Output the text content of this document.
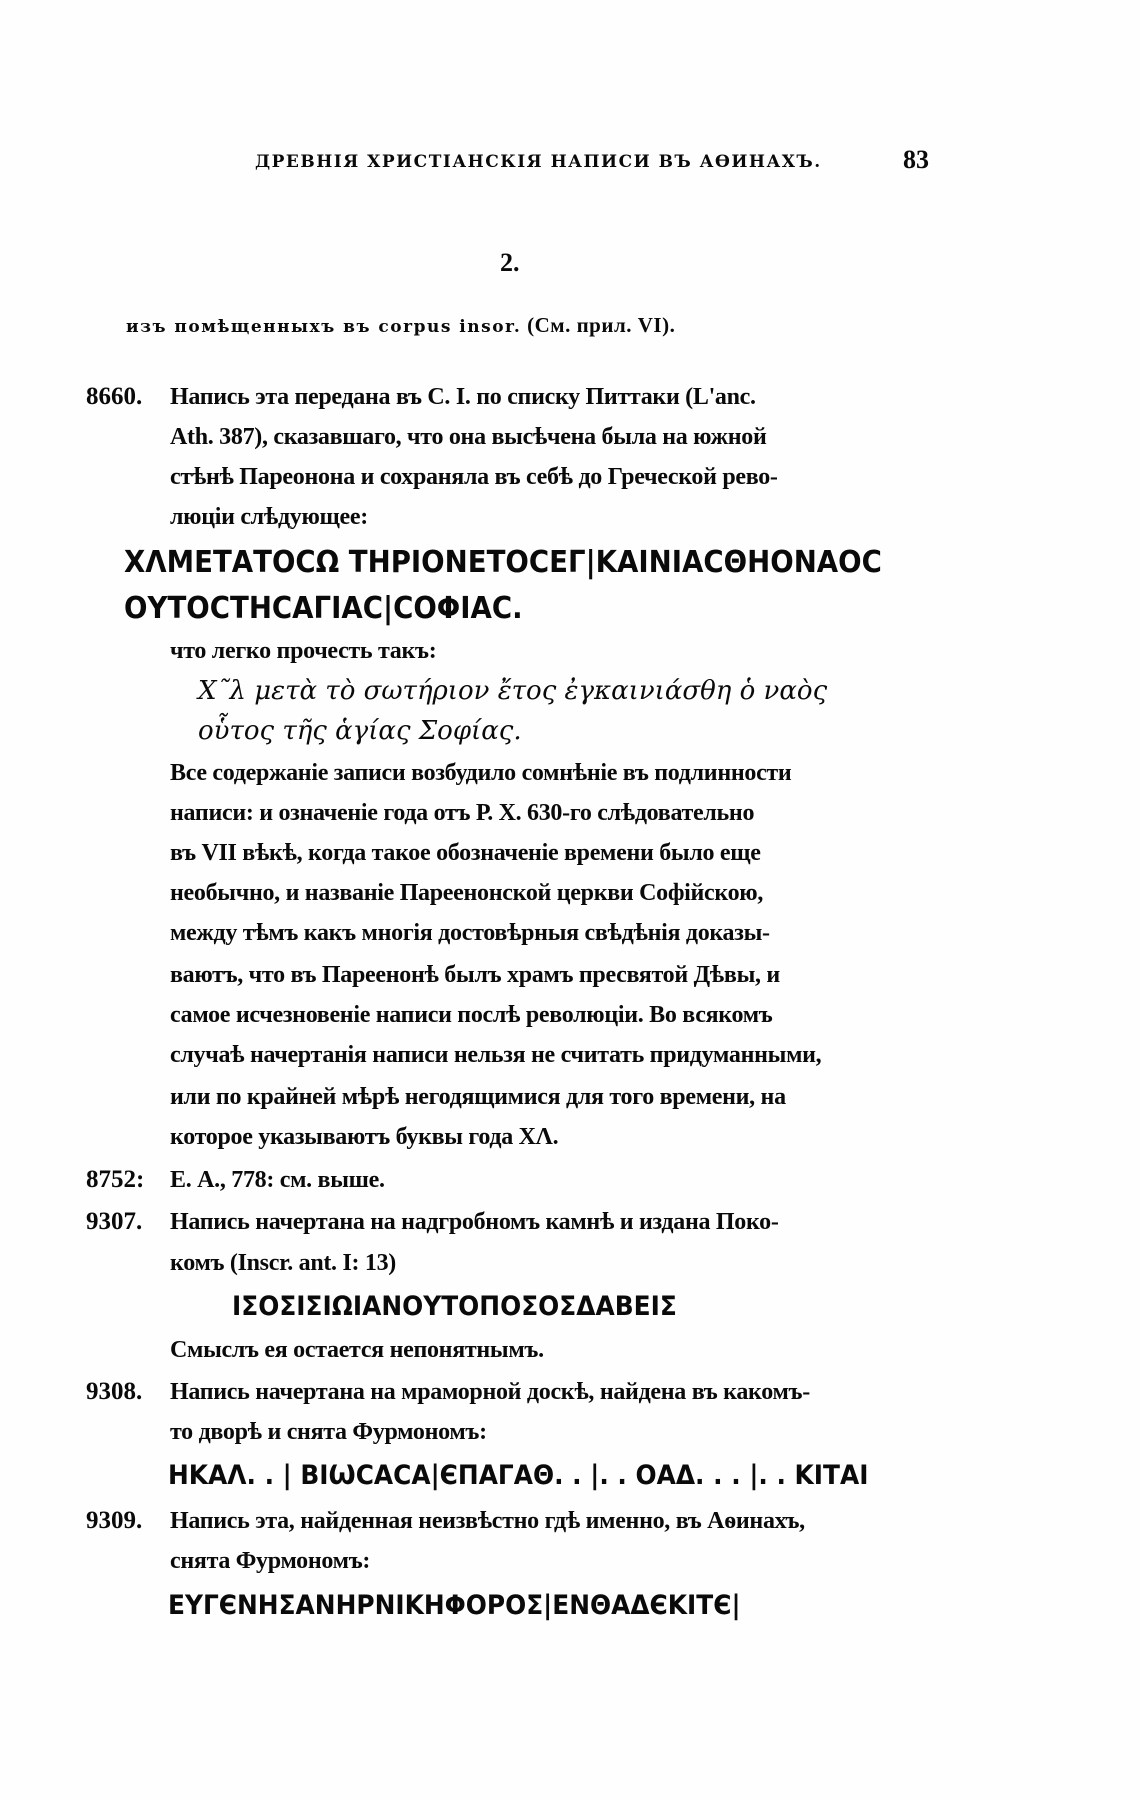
ДРЕВНІЯ ХРИСТІАНСКІЯ НАПИСИ ВЪ АѲИНАХЪ.	83
2.
изъ помѣщенныхъ въ corpus insor. (См. прил. VI).
8660. Напись эта передана въ С. І. по списку Питтаки (L'anc.
Ath. 387), сказавшаго, что она высѣчена была на южной
стѣнѣ Пареонона и сохраняла въ себѣ до Греческой рево-
люціи слѣдующее:
ΧΛΜΕΤΑΤΟCΩ ΤΗΡΙΟΝΕΤΟCΕΓ|ΚΑΙΝΙΑCΘΗΟΝΑΟC
ΟΥΤΟCΤΗCΑΓΙΑC|CΟΦΙΑC.
что легко прочесть такъ:
Χ῀λ μετὰ τὸ σωτήριον ἔτος ἐγκαινιάσθη ὁ ναὸς
οὗτος τῆς ἁγίας Σοφίας.
Все содержаніе записи возбудило сомнѣніе въ подлинности
написи: и означеніе года отъ Р. Х. 630-го слѣдовательно
въ VII вѣкѣ, когда такое обозначеніе времени было еще
необычно, и названіе Пареенонской церкви Софійскою,
между тѣмъ какъ многія достовѣрныя свѣдѣнія доказы-
ваютъ, что въ Пареенонѣ былъ храмъ пресвятой Дѣвы, и
самое исчезновеніе написи послѣ революціи. Во всякомъ
случаѣ начертанія написи нельзя не считать придуманными,
или по крайней мѣрѣ негодящимися для того времени, на
которое указываютъ буквы года ΧΛ.
8752: Е. А., 778: см. выше.
9307. Напись начертана на надгробномъ камнѣ и издана Поко-
комъ (Inscr. ant. I: 13)
ΙΣΟΣΙΣΙΩΙΑΝΟΥΤΟΠΟΣΟΣΔΑΒΕΙΣ
Смыслъ ея остается непонятнымъ.
9308. Напись начертана на мраморной доскѣ, найдена въ какомъ-
то дворѣ и снята Фурмономъ:
ΗΚΑΛ. . | ΒΙѠCΑCΑ|ЄΠΑΓΑΘ. . |. . ΟΑΔ. . . |. . ΚΙΤΑΙ
9309. Напись эта, найденная неизвѣстно гдѣ именно, въ Аѳинахъ,
снята Фурмономъ:
ΕΥΓЄΝΗΣΑΝΗΡΝΙΚΗΦΟΡΟΣ|ΕΝΘΑΔЄΚΙΤЄ|
